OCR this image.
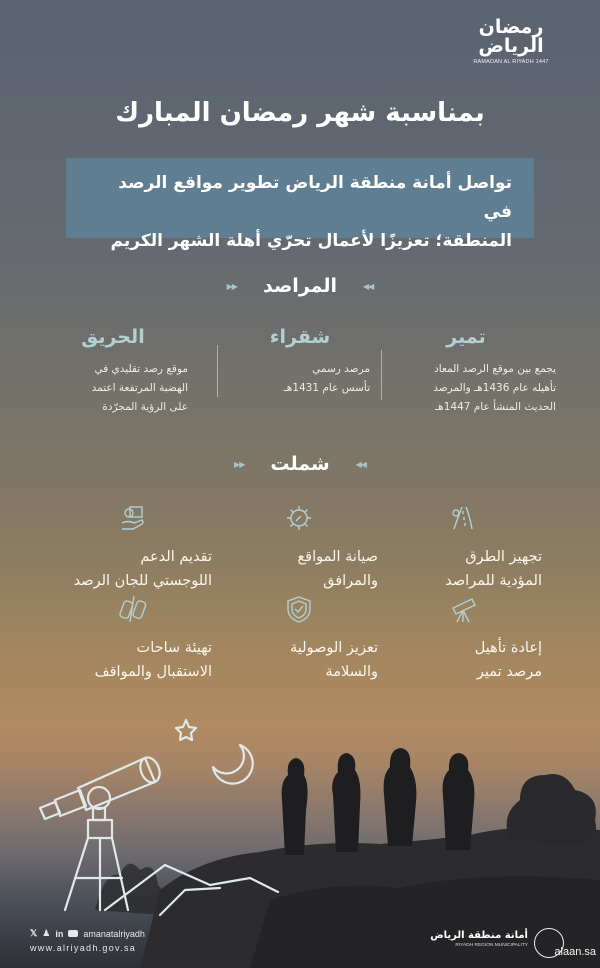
رمضان الرياض
RAMADAN AL RIYADH 1447
بمناسبة شهر رمضان المبارك
تواصل أمانة منطقة الرياض تطوير مواقع الرصد في
المنطقة؛ تعزيزًا لأعمال تحرّي أهلة الشهر الكريم
◀◀
المراصد
▶▶
تمير
يجمع بين موقع الرصد المعاد
تأهيله عام 1436هـ والمرصد
الحديث المنشأ عام 1447هـ
شقراء
مرصد رسمي
تأسس عام 1431هـ
الحريق
موقع رصد تقليدي في
الهضبة المرتفعة اعتمد
على الرؤية المجرّدة
◀◀
شملت
▶▶
تجهيز الطرق
المؤدية للمراصد
صيانة المواقع
والمرافق
تقديم الدعم
اللوجستي للجان الرصد
إعادة تأهيل
مرصد تمير
تعزيز الوصولية
والسلامة
تهيئة ساحات
الاستقبال والمواقف
𝕏 ♟ in amanatalriyadh
www.alriyadh.gov.sa
أمانة منطقة الرياض
RIYADH REGION MUNICIPALITY
alaan.sa
